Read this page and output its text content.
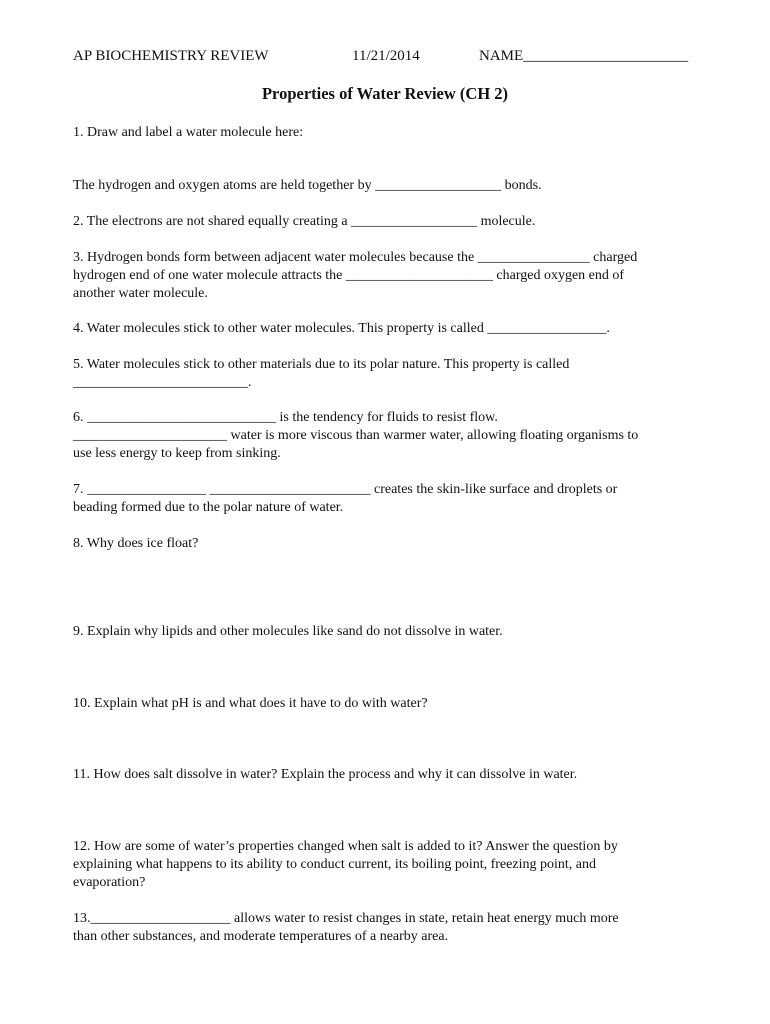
AP BIOCHEMISTRY REVIEW	11/21/2014	NAME______________________
Properties of Water Review (CH 2)
1. Draw and label a water molecule here:
The hydrogen and oxygen atoms are held together by __________________ bonds.
2. The electrons are not shared equally creating a __________________ molecule.
3. Hydrogen bonds form between adjacent water molecules because the ________________ charged
hydrogen end of one water molecule attracts the _____________________ charged oxygen end of
another water molecule.
4. Water molecules stick to other water molecules. This property is called _________________.
5. Water molecules stick to other materials due to its polar nature. This property is called
_________________________.
6. ___________________________ is the tendency for fluids to resist flow.
______________________ water is more viscous than warmer water, allowing floating organisms to
use less energy to keep from sinking.
7. _________________ _______________________ creates the skin-like surface and droplets or
beading formed due to the polar nature of water.
8. Why does ice float?
9. Explain why lipids and other molecules like sand do not dissolve in water.
10. Explain what pH is and what does it have to do with water?
11. How does salt dissolve in water? Explain the process and why it can dissolve in water.
12. How are some of water’s properties changed when salt is added to it? Answer the question by
explaining what happens to its ability to conduct current, its boiling point, freezing point, and
evaporation?
13.____________________ allows water to resist changes in state, retain heat energy much more
than other substances, and moderate temperatures of a nearby area.
